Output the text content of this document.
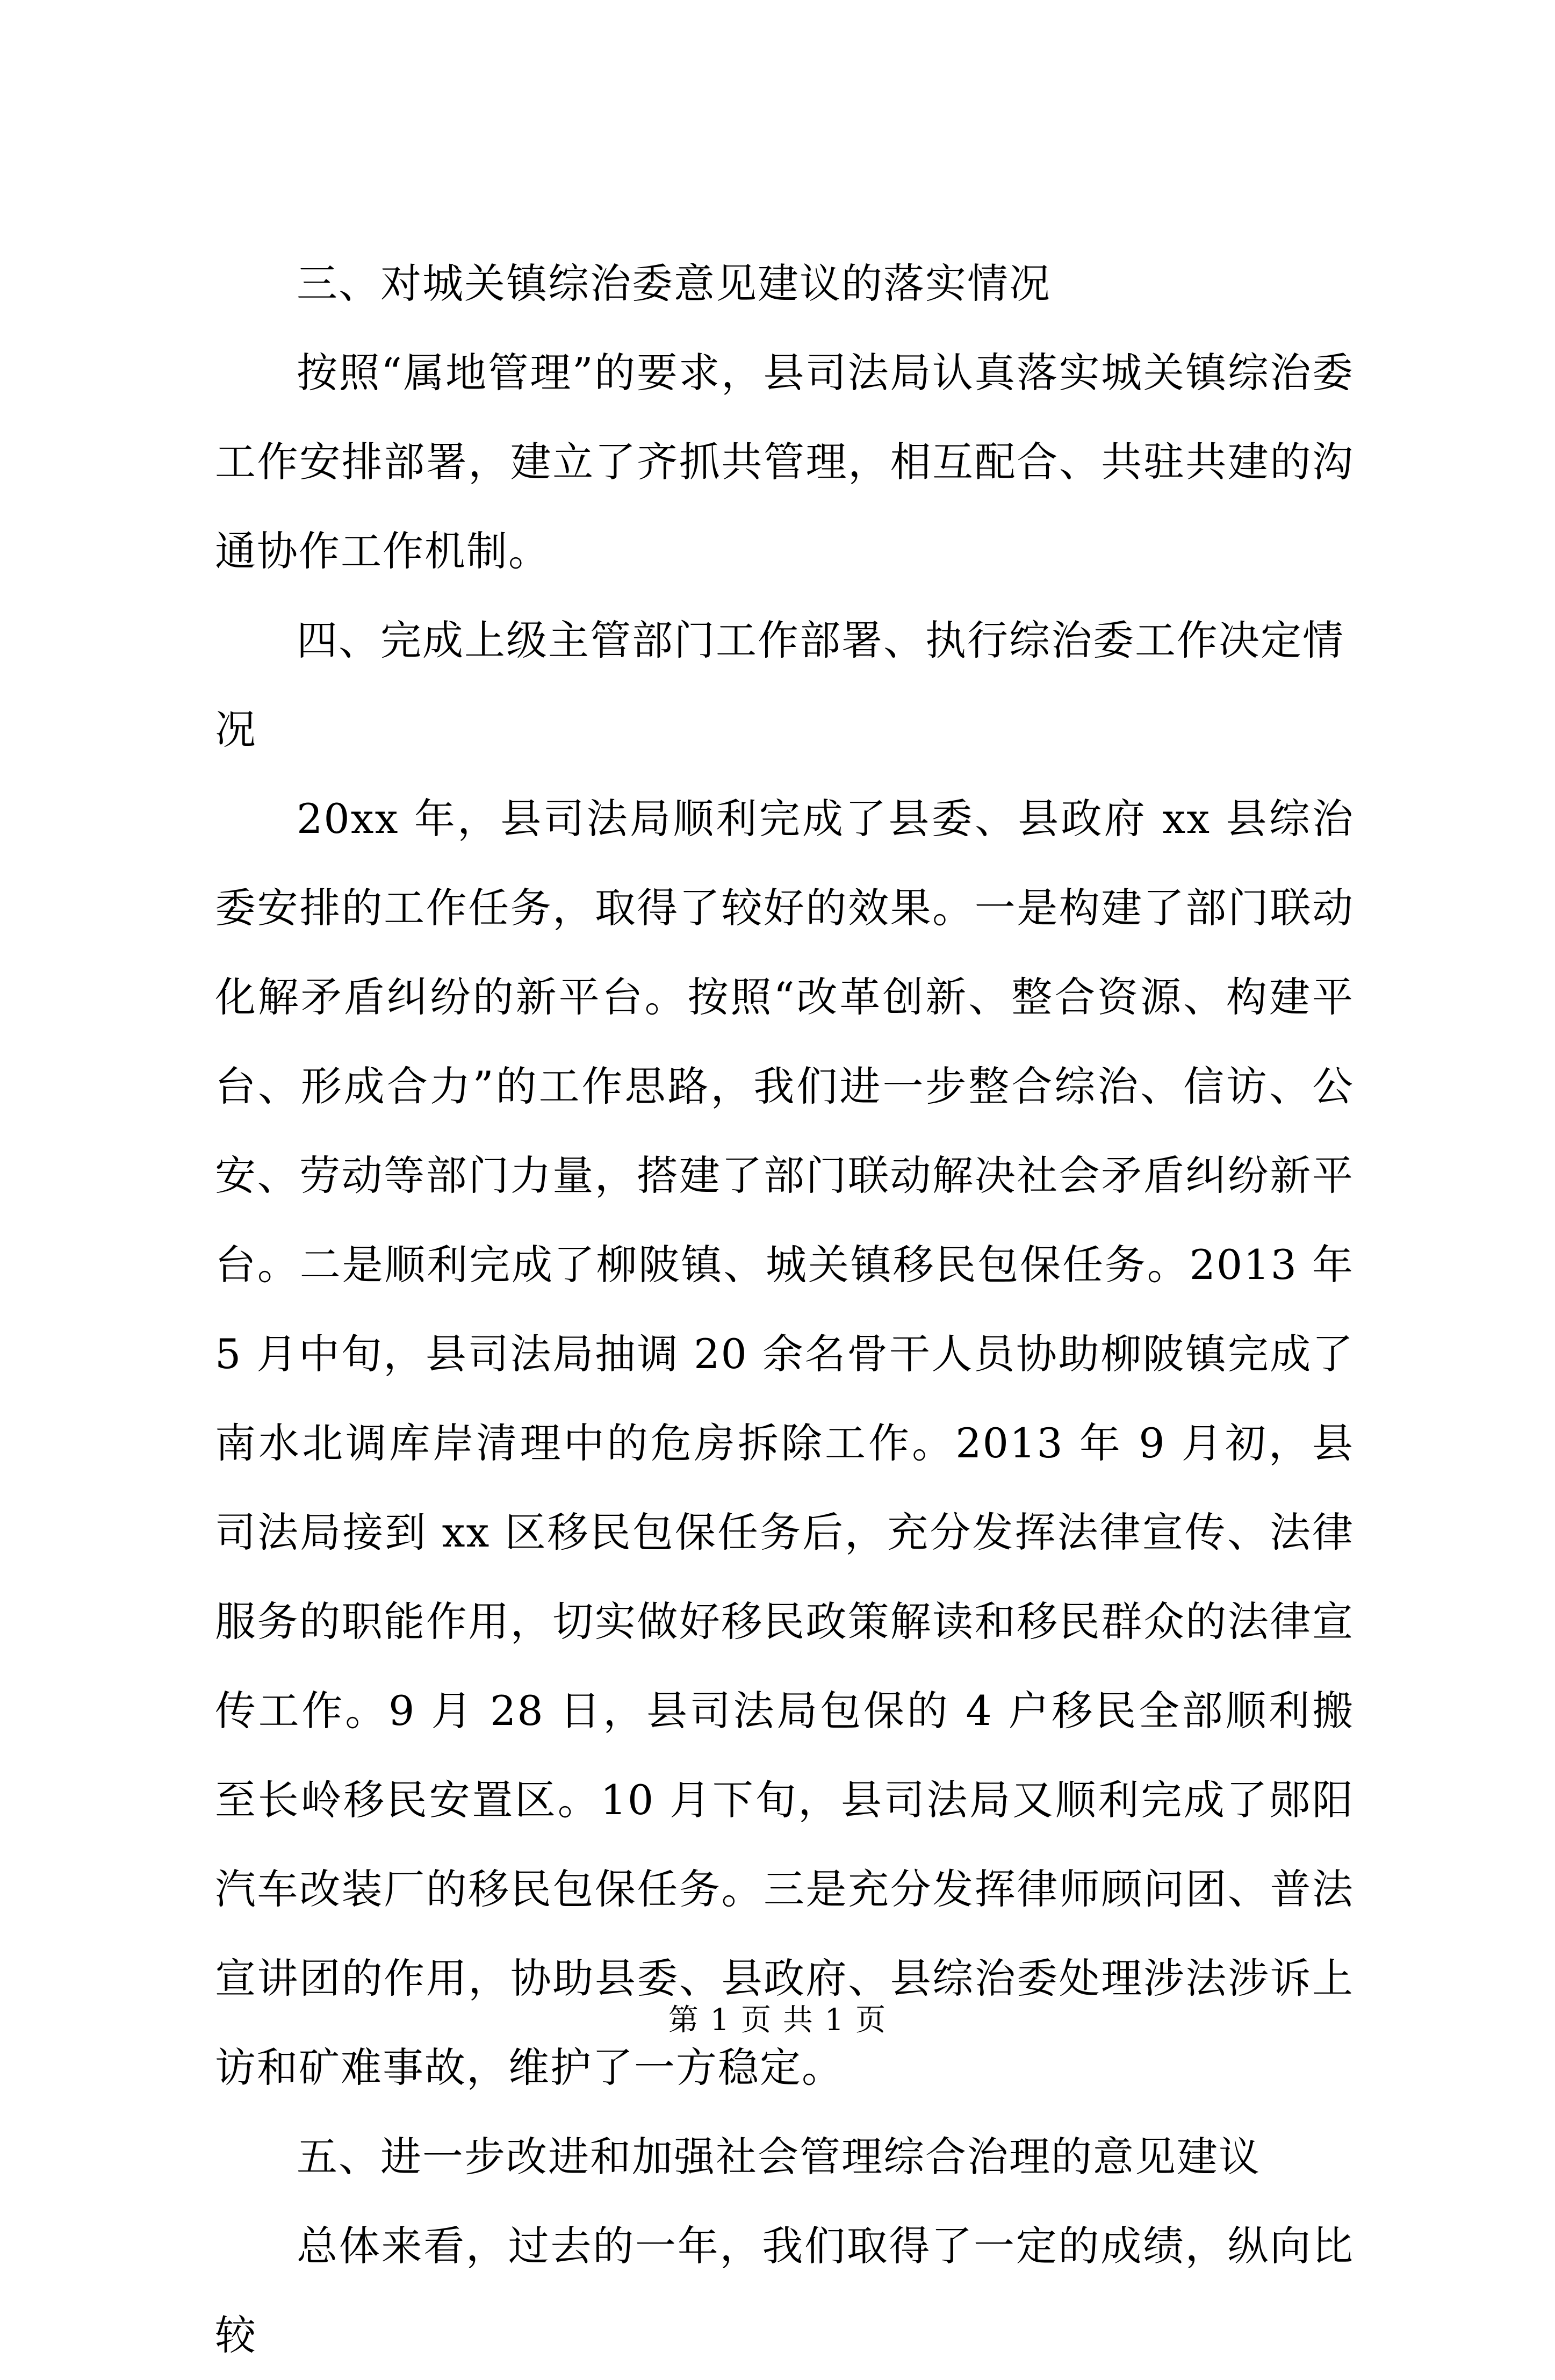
三、对城关镇综治委意见建议的落实情况

按照“属地管理”的要求，县司法局认真落实城关镇综治委工作安排部署，建立了齐抓共管理，相互配合、共驻共建的沟通协作工作机制。

四、完成上级主管部门工作部署、执行综治委工作决定情况

20xx 年，县司法局顺利完成了县委、县政府 xx 县综治委安排的工作任务，取得了较好的效果。一是构建了部门联动化解矛盾纠纷的新平台。按照“改革创新、整合资源、构建平台、形成合力”的工作思路，我们进一步整合综治、信访、公安、劳动等部门力量，搭建了部门联动解决社会矛盾纠纷新平台。二是顺利完成了柳陂镇、城关镇移民包保任务。2013 年 5 月中旬，县司法局抽调 20 余名骨干人员协助柳陂镇完成了南水北调库岸清理中的危房拆除工作。2013 年 9 月初，县司法局接到 xx 区移民包保任务后，充分发挥法律宣传、法律服务的职能作用，切实做好移民政策解读和移民群众的法律宣传工作。9 月 28 日，县司法局包保的 4 户移民全部顺利搬至长岭移民安置区。10 月下旬，县司法局又顺利完成了郧阳汽车改装厂的移民包保任务。三是充分发挥律师顾问团、普法宣讲团的作用，协助县委、县政府、县综治委处理涉法涉诉上访和矿难事故，维护了一方稳定。

五、进一步改进和加强社会管理综合治理的意见建议

总体来看，过去的一年，我们取得了一定的成绩，纵向比较

第 1 页 共 1 页
